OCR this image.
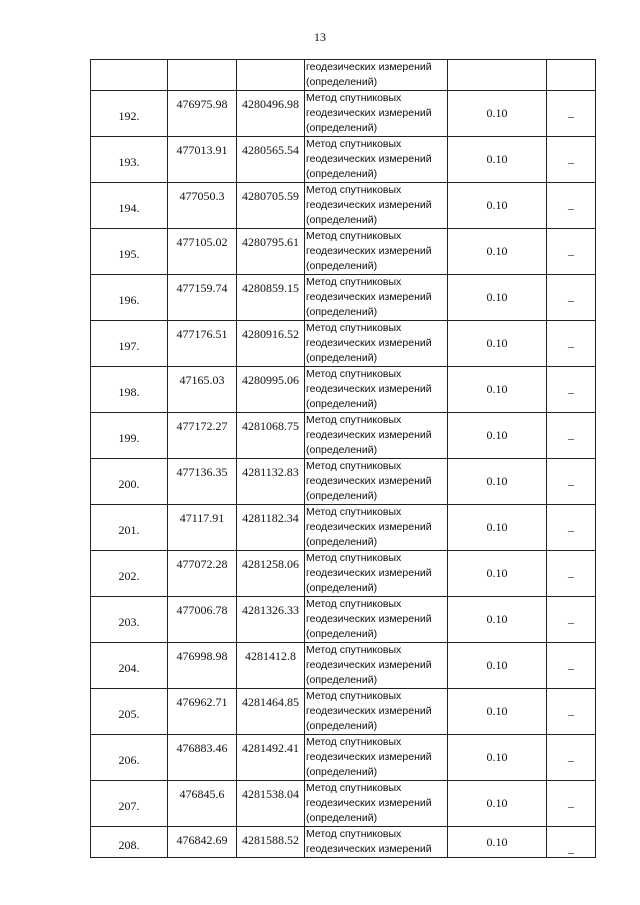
13

			геодезических измерений
(определений)		

192.	476975.98	4280496.98	Метод спутниковых
геодезических измерений
(определений)	0.10	_
193.	477013.91	4280565.54	Метод спутниковых
геодезических измерений
(определений)	0.10	_
194.	477050.3	4280705.59	Метод спутниковых
геодезических измерений
(определений)	0.10	_
195.	477105.02	4280795.61	Метод спутниковых
геодезических измерений
(определений)	0.10	_
196.	477159.74	4280859.15	Метод спутниковых
геодезических измерений
(определений)	0.10	_
197.	477176.51	4280916.52	Метод спутниковых
геодезических измерений
(определений)	0.10	_
198.	47165.03	4280995.06	Метод спутниковых
геодезических измерений
(определений)	0.10	_
199.	477172.27	4281068.75	Метод спутниковых
геодезических измерений
(определений)	0.10	_
200.	477136.35	4281132.83	Метод спутниковых
геодезических измерений
(определений)	0.10	_
201.	47117.91	4281182.34	Метод спутниковых
геодезических измерений
(определений)	0.10	_
202.	477072.28	4281258.06	Метод спутниковых
геодезических измерений
(определений)	0.10	_
203.	477006.78	4281326.33	Метод спутниковых
геодезических измерений
(определений)	0.10	_
204.	476998.98	4281412.8	Метод спутниковых
геодезических измерений
(определений)	0.10	_
205.	476962.71	4281464.85	Метод спутниковых
геодезических измерений
(определений)	0.10	_
206.	476883.46	4281492.41	Метод спутниковых
геодезических измерений
(определений)	0.10	_
207.	476845.6	4281538.04	Метод спутниковых
геодезических измерений
(определений)	0.10	_
208.	476842.69	4281588.52	Метод спутниковых
геодезических измерений	0.10	_
